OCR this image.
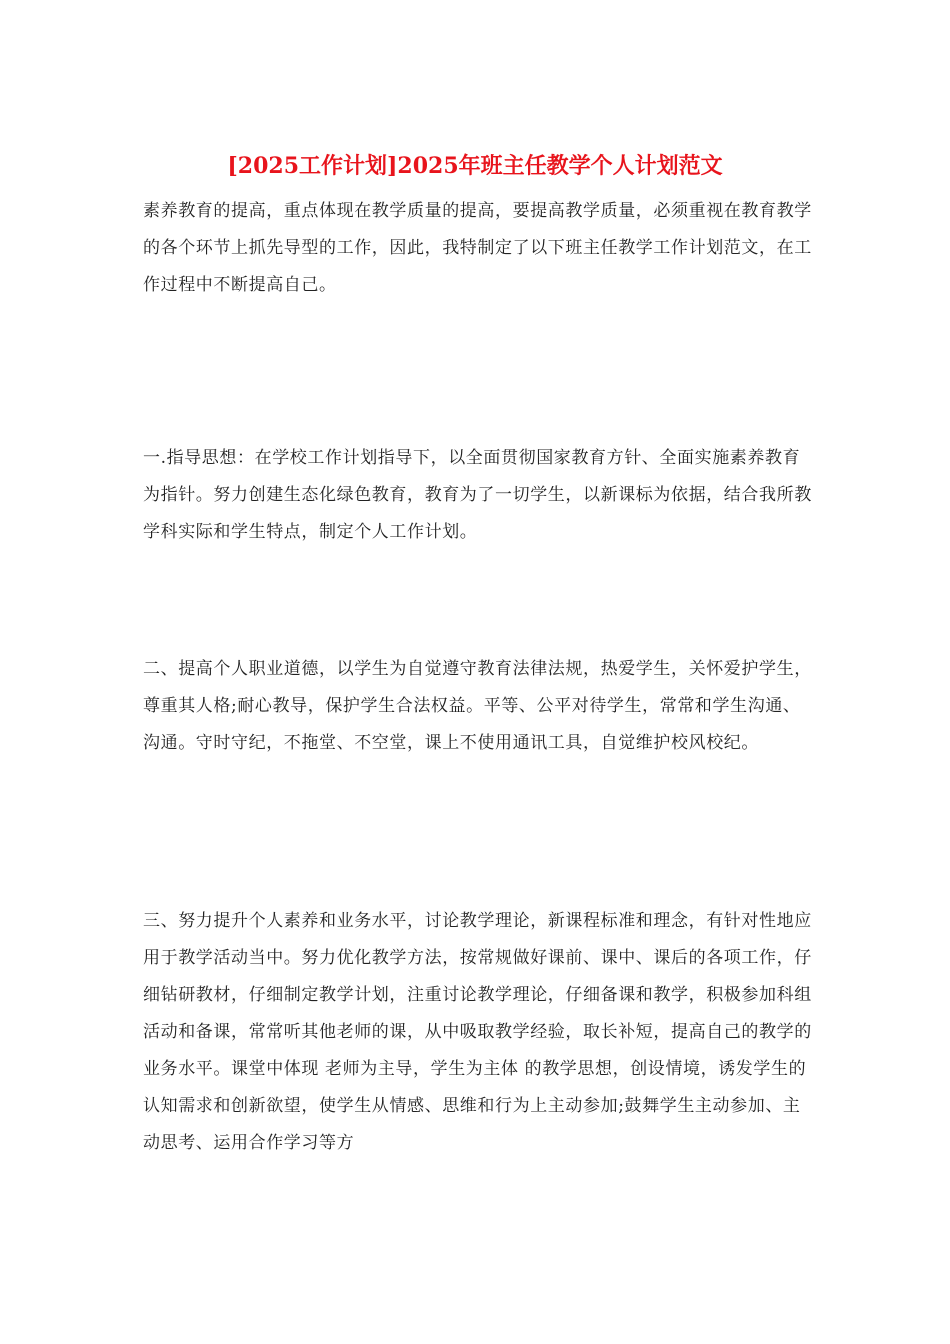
[2025工作计划]2025年班主任教学个人计划范文

素养教育的提高，重点体现在教学质量的提高，要提高教学质量，必须重视在教育教学的各个环节上抓先导型的工作，因此，我特制定了以下班主任教学工作计划范文，在工作过程中不断提高自己。

一.指导思想：在学校工作计划指导下，以全面贯彻国家教育方针、全面实施素养教育为指针。努力创建生态化绿色教育，教育为了一切学生，以新课标为依据，结合我所教学科实际和学生特点，制定个人工作计划。

二、提高个人职业道德，以学生为自觉遵守教育法律法规，热爱学生，关怀爱护学生，尊重其人格;耐心教导，保护学生合法权益。平等、公平对待学生，常常和学生沟通、沟通。守时守纪，不拖堂、不空堂，课上不使用通讯工具，自觉维护校风校纪。

三、努力提升个人素养和业务水平，讨论教学理论，新课程标准和理念，有针对性地应用于教学活动当中。努力优化教学方法，按常规做好课前、课中、课后的各项工作，仔细钻研教材，仔细制定教学计划，注重讨论教学理论，仔细备课和教学，积极参加科组活动和备课，常常听其他老师的课，从中吸取教学经验，取长补短，提高自己的教学的业务水平。课堂中体现 老师为主导，学生为主体 的教学思想，创设情境，诱发学生的认知需求和创新欲望，使学生从情感、思维和行为上主动参加;鼓舞学生主动参加、主动思考、运用合作学习等方
